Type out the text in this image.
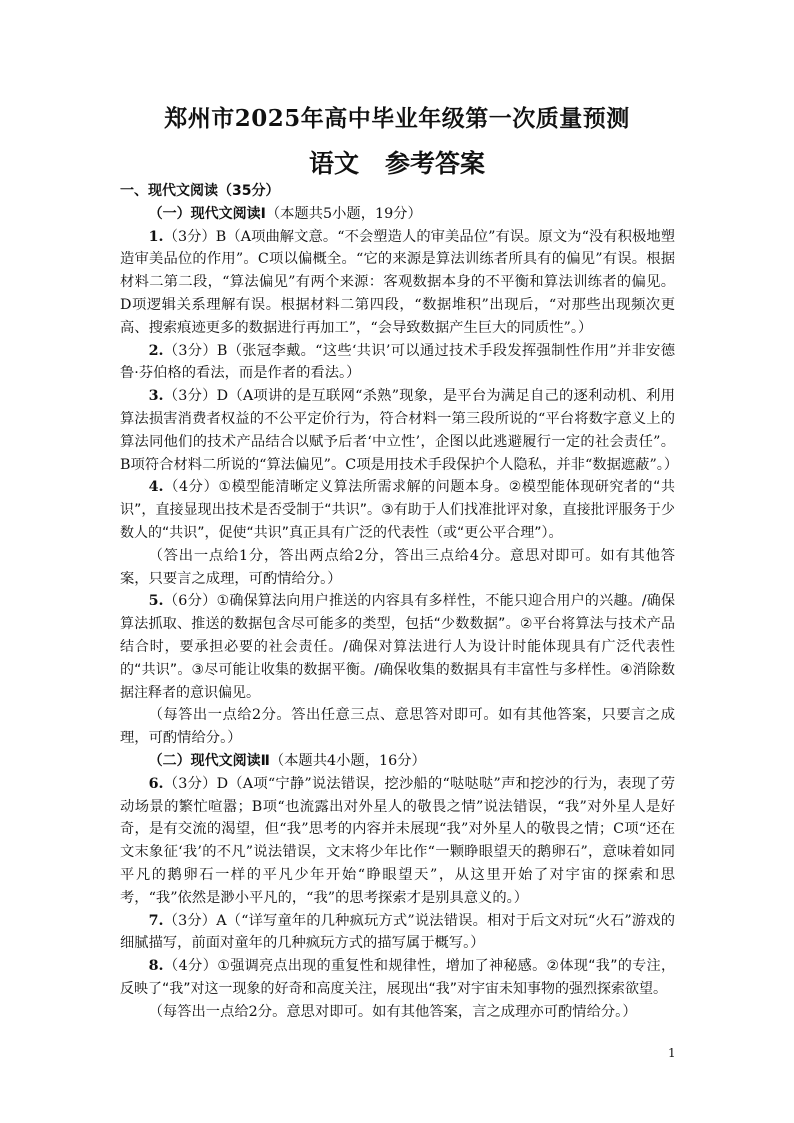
郑州市2025年高中毕业年级第一次质量预测
语文 参考答案

一、现代文阅读（35分）

（一）现代文阅读Ⅰ（本题共5小题，19分）

1.（3分）B（A项曲解文意。“不会塑造人的审美品位”有误。原文为“没有积极地塑造审美品位的作用”。C项以偏概全。“它的来源是算法训练者所具有的偏见”有误。根据材料二第二段，“算法偏见”有两个来源：客观数据本身的不平衡和算法训练者的偏见。D项逻辑关系理解有误。根据材料二第四段，“数据堆积”出现后，“对那些出现频次更高、搜索痕迹更多的数据进行再加工”，“会导致数据产生巨大的同质性”。）

2.（3分）B（张冠李戴。“这些‘共识’可以通过技术手段发挥强制性作用”并非安德鲁·芬伯格的看法，而是作者的看法。）

3.（3分）D（A项讲的是互联网“杀熟”现象，是平台为满足自己的逐利动机、利用算法损害消费者权益的不公平定价行为，符合材料一第三段所说的“平台将数字意义上的算法同他们的技术产品结合以赋予后者‘中立性’，企图以此逃避履行一定的社会责任”。B项符合材料二所说的“算法偏见”。C项是用技术手段保护个人隐私，并非“数据遮蔽”。）

4.（4分）①模型能清晰定义算法所需求解的问题本身。②模型能体现研究者的“共识”，直接显现出技术是否受制于“共识”。③有助于人们找准批评对象，直接批评服务于少数人的“共识”，促使“共识”真正具有广泛的代表性（或“更公平合理”）。

（答出一点给1分，答出两点给2分，答出三点给4分。意思对即可。如有其他答案，只要言之成理，可酌情给分。）

5.（6分）①确保算法向用户推送的内容具有多样性，不能只迎合用户的兴趣。/确保算法抓取、推送的数据包含尽可能多的类型，包括“少数数据”。②平台将算法与技术产品结合时，要承担必要的社会责任。/确保对算法进行人为设计时能体现具有广泛代表性的“共识”。③尽可能让收集的数据平衡。/确保收集的数据具有丰富性与多样性。④消除数据注释者的意识偏见。

（每答出一点给2分。答出任意三点、意思答对即可。如有其他答案，只要言之成理，可酌情给分。）

（二）现代文阅读Ⅱ（本题共4小题，16分）

6.（3分）D（A项“宁静”说法错误，挖沙船的“哒哒哒”声和挖沙的行为，表现了劳动场景的繁忙喧嚣；B项“也流露出对外星人的敬畏之情”说法错误，“我”对外星人是好奇，是有交流的渴望，但“我”思考的内容并未展现“我”对外星人的敬畏之情；C项“还在文末象征‘我’的不凡”说法错误，文末将少年比作“一颗睁眼望天的鹅卵石”，意味着如同平凡的鹅卵石一样的平凡少年开始“睁眼望天”，从这里开始了对宇宙的探索和思考，“我”依然是渺小平凡的，“我”的思考探索才是别具意义的。）

7.（3分）A（“详写童年的几种疯玩方式”说法错误。相对于后文对玩“火石”游戏的细腻描写，前面对童年的几种疯玩方式的描写属于概写。）

8.（4分）①强调亮点出现的重复性和规律性，增加了神秘感。②体现“我”的专注，反映了“我”对这一现象的好奇和高度关注，展现出“我”对宇宙未知事物的强烈探索欲望。

（每答出一点给2分。意思对即可。如有其他答案，言之成理亦可酌情给分。）

1
